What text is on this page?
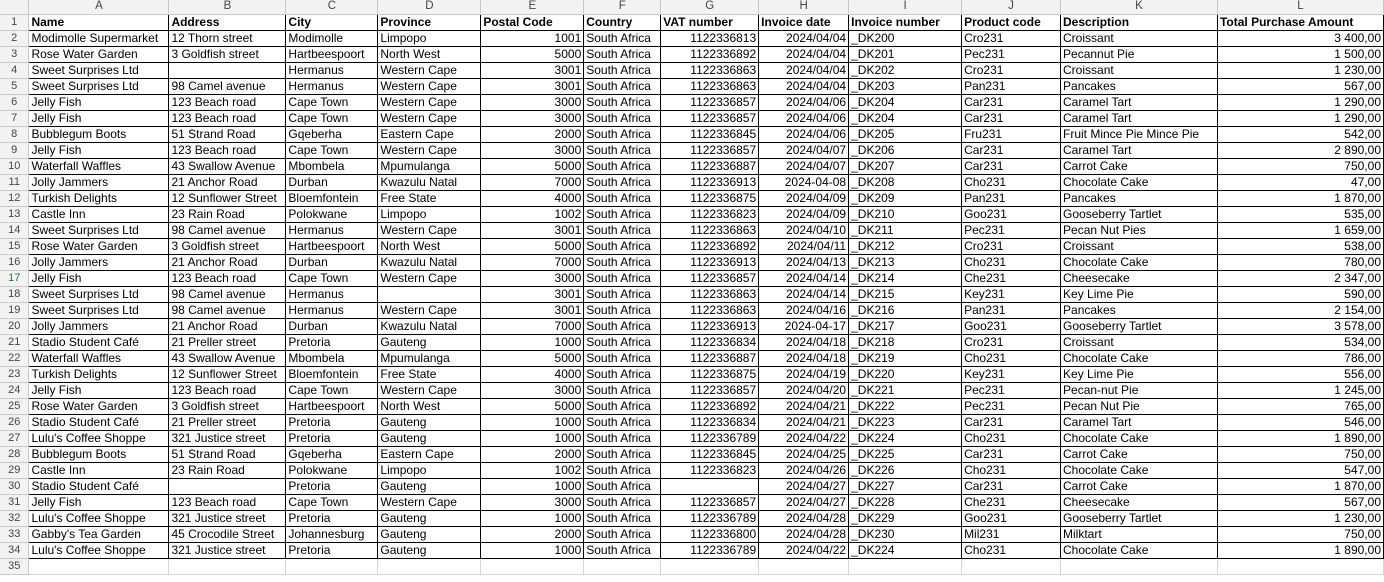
	A	B	C	D	E	F	G	H	I	J	K	L
1	Name	Address	City	Province	Postal Code	Country	VAT number	Invoice date	Invoice number	Product code	Description	Total Purchase Amount
2	Modimolle Supermarket	12 Thorn street	Modimolle	Limpopo	1001	South Africa	1122336813	2024/04/04	_DK200	Cro231	Croissant	3 400,00
3	Rose Water Garden	3 Goldfish street	Hartbeespoort	North West	5000	South Africa	1122336892	2024/04/04	_DK201	Pec231	Pecannut Pie	1 500,00
4	Sweet Surprises Ltd		Hermanus	Western Cape	3001	South Africa	1122336863	2024/04/04	_DK202	Cro231	Croissant	1 230,00
5	Sweet Surprises Ltd	98 Camel avenue	Hermanus	Western Cape	3001	South Africa	1122336863	2024/04/04	_DK203	Pan231	Pancakes	567,00
6	Jelly Fish	123 Beach road	Cape Town	Western Cape	3000	South Africa	1122336857	2024/04/06	_DK204	Car231	Caramel Tart	1 290,00
7	Jelly Fish	123 Beach road	Cape Town	Western Cape	3000	South Africa	1122336857	2024/04/06	_DK204	Car231	Caramel Tart	1 290,00
8	Bubblegum Boots	51 Strand Road	Gqeberha	Eastern Cape	2000	South Africa	1122336845	2024/04/06	_DK205	Fru231	Fruit Mince Pie Mince Pie	542,00
9	Jelly Fish	123 Beach road	Cape Town	Western Cape	3000	South Africa	1122336857	2024/04/07	_DK206	Car231	Caramel Tart	2 890,00
10	Waterfall Waffles	43 Swallow Avenue	Mbombela	Mpumulanga	5000	South Africa	1122336887	2024/04/07	_DK207	Car231	Carrot Cake	750,00
11	Jolly Jammers	21 Anchor Road	Durban	Kwazulu Natal	7000	South Africa	1122336913	2024-04-08	_DK208	Cho231	Chocolate Cake	47,00
12	Turkish Delights	12 Sunflower Street	Bloemfontein	Free State	4000	South Africa	1122336875	2024/04/09	_DK209	Pan231	Pancakes	1 870,00
13	Castle Inn	23 Rain Road	Polokwane	Limpopo	1002	South Africa	1122336823	2024/04/09	_DK210	Goo231	Gooseberry Tartlet	535,00
14	Sweet Surprises Ltd	98 Camel avenue	Hermanus	Western Cape	3001	South Africa	1122336863	2024/04/10	_DK211	Pec231	Pecan Nut Pies	1 659,00
15	Rose Water Garden	3 Goldfish street	Hartbeespoort	North West	5000	South Africa	1122336892	2024/04/11	_DK212	Cro231	Croissant	538,00
16	Jolly Jammers	21 Anchor Road	Durban	Kwazulu Natal	7000	South Africa	1122336913	2024/04/13	_DK213	Cho231	Chocolate Cake	780,00
17	Jelly Fish	123 Beach road	Cape Town	Western Cape	3000	South Africa	1122336857	2024/04/14	_DK214	Che231	Cheesecake	2 347,00
18	Sweet Surprises Ltd	98 Camel avenue	Hermanus		3001	South Africa	1122336863	2024/04/14	_DK215	Key231	Key Lime Pie	590,00
19	Sweet Surprises Ltd	98 Camel avenue	Hermanus	Western Cape	3001	South Africa	1122336863	2024/04/16	_DK216	Pan231	Pancakes	2 154,00
20	Jolly Jammers	21 Anchor Road	Durban	Kwazulu Natal	7000	South Africa	1122336913	2024-04-17	_DK217	Goo231	Gooseberry Tartlet	3 578,00
21	Stadio Student Café	21 Preller street	Pretoria	Gauteng	1000	South Africa	1122336834	2024/04/18	_DK218	Cro231	Croissant	534,00
22	Waterfall Waffles	43 Swallow Avenue	Mbombela	Mpumulanga	5000	South Africa	1122336887	2024/04/18	_DK219	Cho231	Chocolate Cake	786,00
23	Turkish Delights	12 Sunflower Street	Bloemfontein	Free State	4000	South Africa	1122336875	2024/04/19	_DK220	Key231	Key Lime Pie	556,00
24	Jelly Fish	123 Beach road	Cape Town	Western Cape	3000	South Africa	1122336857	2024/04/20	_DK221	Pec231	Pecan-nut Pie	1 245,00
25	Rose Water Garden	3 Goldfish street	Hartbeespoort	North West	5000	South Africa	1122336892	2024/04/21	_DK222	Pec231	Pecan Nut Pie	765,00
26	Stadio Student Café	21 Preller street	Pretoria	Gauteng	1000	South Africa	1122336834	2024/04/21	_DK223	Car231	Caramel Tart	546,00
27	Lulu's Coffee Shoppe	321 Justice street	Pretoria	Gauteng	1000	South Africa	1122336789	2024/04/22	_DK224	Cho231	Chocolate Cake	1 890,00
28	Bubblegum Boots	51 Strand Road	Gqeberha	Eastern Cape	2000	South Africa	1122336845	2024/04/25	_DK225	Car231	Carrot Cake	750,00
29	Castle Inn	23 Rain Road	Polokwane	Limpopo	1002	South Africa	1122336823	2024/04/26	_DK226	Cho231	Chocolate Cake	547,00
30	Stadio Student Café		Pretoria	Gauteng	1000	South Africa		2024/04/27	_DK227	Car231	Carrot Cake	1 870,00
31	Jelly Fish	123 Beach road	Cape Town	Western Cape	3000	South Africa	1122336857	2024/04/27	_DK228	Che231	Cheesecake	567,00
32	Lulu's Coffee Shoppe	321 Justice street	Pretoria	Gauteng	1000	South Africa	1122336789	2024/04/28	_DK229	Goo231	Gooseberry Tartlet	1 230,00
33	Gabby's Tea Garden	45 Crocodile Street	Johannesburg	Gauteng	2000	South Africa	1122336800	2024/04/28	_DK230	Mil231	Milktart	750,00
34	Lulu's Coffee Shoppe	321 Justice street	Pretoria	Gauteng	1000	South Africa	1122336789	2024/04/22	_DK224	Cho231	Chocolate Cake	1 890,00
35												
